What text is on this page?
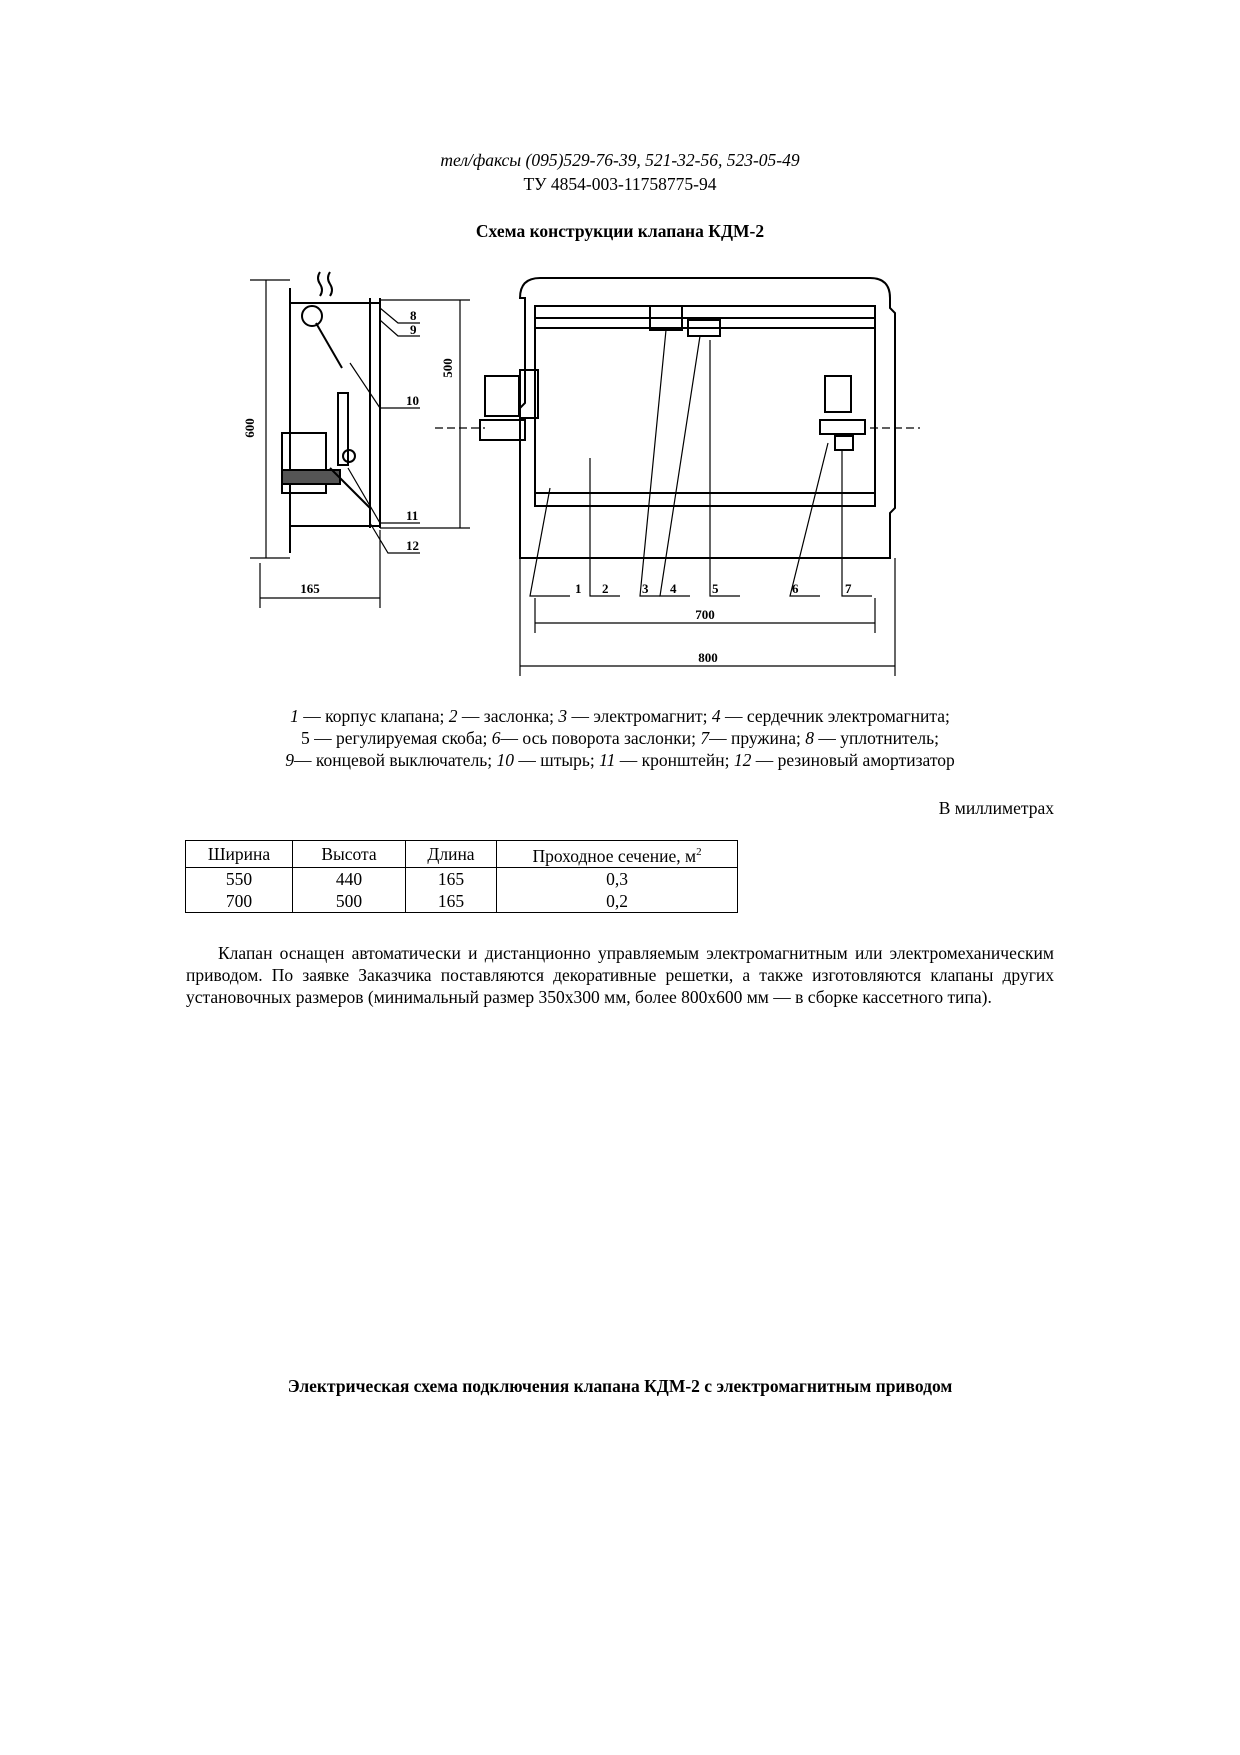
тел/факсы (095)529-76-39, 521-32-56, 523-05-49
ТУ 4854-003-11758775-94
Схема конструкции клапана КДМ-2
600
500
165
8
9
10
11
12
1 2	3 4	5	6	7
700
800
1 — корпус клапана; 2 — заслонка; 3 — электромагнит; 4 — сердечник электромагнита;
5 — регулируемая скоба; 6— ось поворота заслонки; 7— пружина; 8 — уплотнитель;
9— концевой выключатель; 10 — штырь; 11 — кронштейн; 12 — резиновый амортизатор
В миллиметрах
Ширина	Высота	Длина	Проходное сечение, $м^2$
550	440	165	0,3
700	500	165	0,2
Клапан оснащен автоматически и дистанционно управляемым электромагнитным или электромеханическим приводом. По заявке Заказчика поставляются декоративные решетки, а также изготовляются клапаны других установочных размеров (минимальный размер 350х300 мм, более 800х600 мм — в сборке кассетного типа).
Электрическая схема подключения клапана КДМ-2 с электромагнитным приводом
